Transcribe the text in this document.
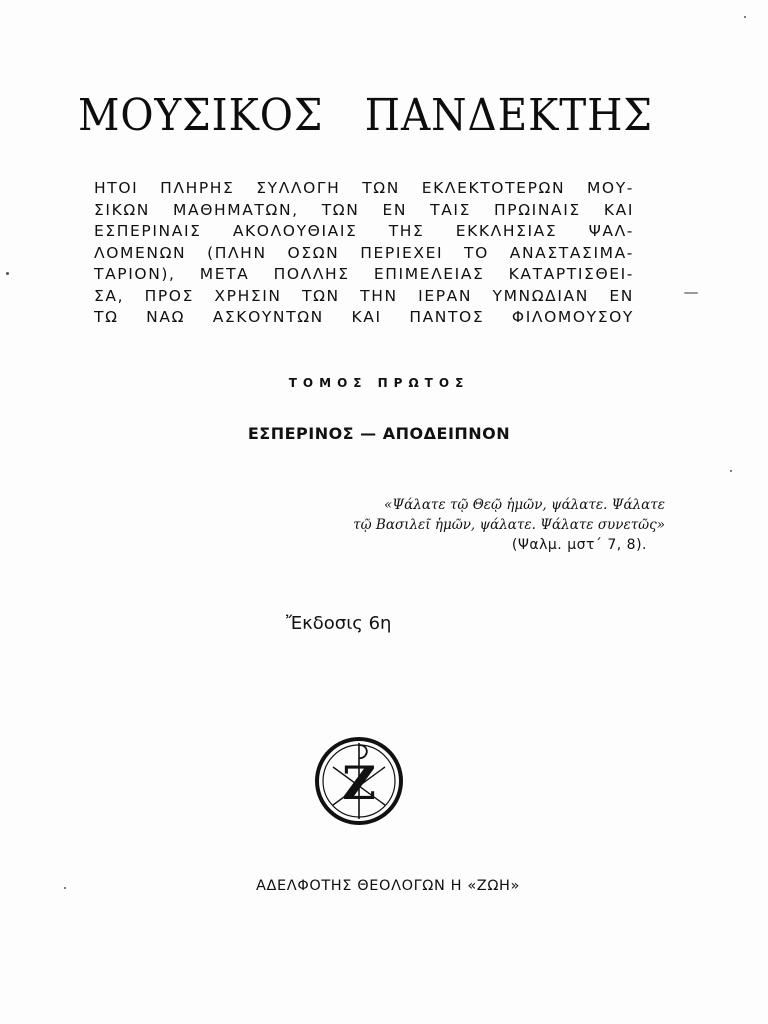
ΜΟΥΣΙΚΟΣ ΠΑΝΔΕΚΤΗΣ
ΗΤΟΙ ΠΛΗΡΗΣ ΣΥΛΛΟΓΗ ΤΩΝ ΕΚΛΕΚΤΟΤΕΡΩΝ ΜΟΥ-
ΣΙΚΩΝ ΜΑΘΗΜΑΤΩΝ, ΤΩΝ ΕΝ ΤΑΙΣ ΠΡΩΙΝΑΙΣ ΚΑΙ
ΕΣΠΕΡΙΝΑΙΣ ΑΚΟΛΟΥΘΙΑΙΣ ΤΗΣ ΕΚΚΛΗΣΙΑΣ ΨΑΛ-
ΛΟΜΕΝΩΝ (ΠΛΗΝ ΟΣΩΝ ΠΕΡΙΕΧΕΙ ΤΟ ΑΝΑΣΤΑΣΙΜΑ-
ΤΑΡΙΟΝ), ΜΕΤΑ ΠΟΛΛΗΣ ΕΠΙΜΕΛΕΙΑΣ ΚΑΤΑΡΤΙΣΘΕΙ-
ΣΑ, ΠΡΟΣ ΧΡΗΣΙΝ ΤΩΝ ΤΗΝ ΙΕΡΑΝ ΥΜΝΩΔΙΑΝ ΕΝ
ΤΩ ΝΑΩ ΑΣΚΟΥΝΤΩΝ ΚΑΙ ΠΑΝΤΟΣ ΦΙΛΟΜΟΥΣΟΥ
ΤΟΜΟΣ ΠΡΩΤΟΣ
ΕΣΠΕΡΙΝΟΣ — ΑΠΟΔΕΙΠΝΟΝ
«Ψάλατε τῷ Θεῷ ἡμῶν, ψάλατε. Ψάλατε
τῷ Βασιλεῖ ἡμῶν, ψάλατε. Ψάλατε συνετῶς»
(Ψαλμ. μστ΄ 7, 8).
Ἔκδοσις 6η
Ζ
ΑΔΕΛΦΟΤΗΣ ΘΕΟΛΟΓΩΝ Η «ΖΩΗ»
